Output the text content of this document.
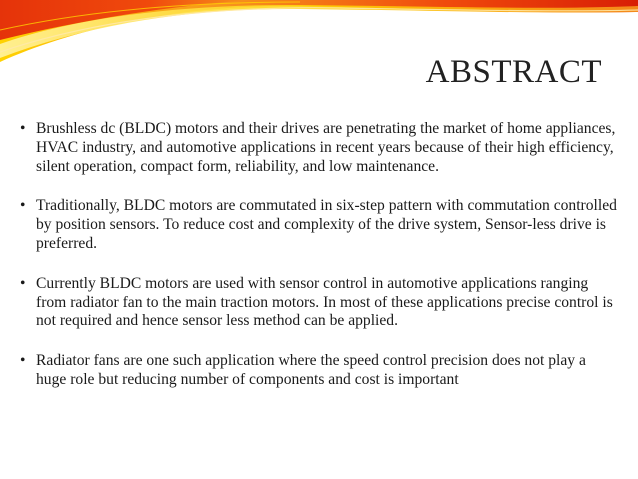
ABSTRACT
• Brushless dc (BLDC) motors and their drives are penetrating the market of home appliances, HVAC industry, and automotive applications in recent years because of their high efficiency, silent operation, compact form, reliability, and low maintenance.
• Traditionally, BLDC motors are commutated in six-step pattern with commutation controlled by position sensors. To reduce cost and complexity of the drive system, Sensor-less drive is preferred.
• Currently BLDC motors are used with sensor control in automotive applications ranging from radiator fan to the main traction motors. In most of these applications precise control is not required and hence sensor less method can be applied.
• Radiator fans are one such application where the speed control precision does not play a huge role but reducing number of components and cost is important
